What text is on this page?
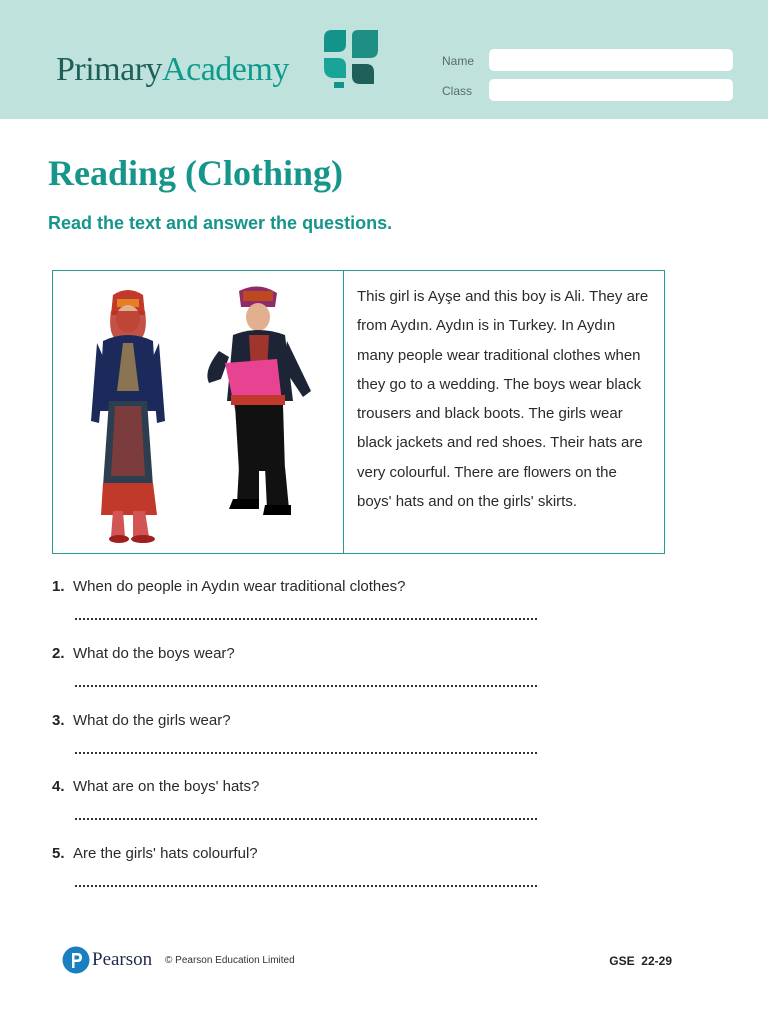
PrimaryAcademy	Name
Class
Reading (Clothing)
Read the text and answer the questions.
This girl is Ayşe and this boy is Ali. They are from Aydın. Aydın is in Turkey. In Aydın many people wear traditional clothes when they go to a wedding. The boys wear black trousers and black boots. The girls wear black jackets and red shoes. Their hats are very colourful. There are flowers on the boys' hats and on the girls' skirts.
1. When do people in Aydın wear traditional clothes?
2. What do the boys wear?
3. What do the girls wear?
4. What are on the boys' hats?
5. Are the girls' hats colourful?
Pearson © Pearson Education Limited	GSE  22-29
